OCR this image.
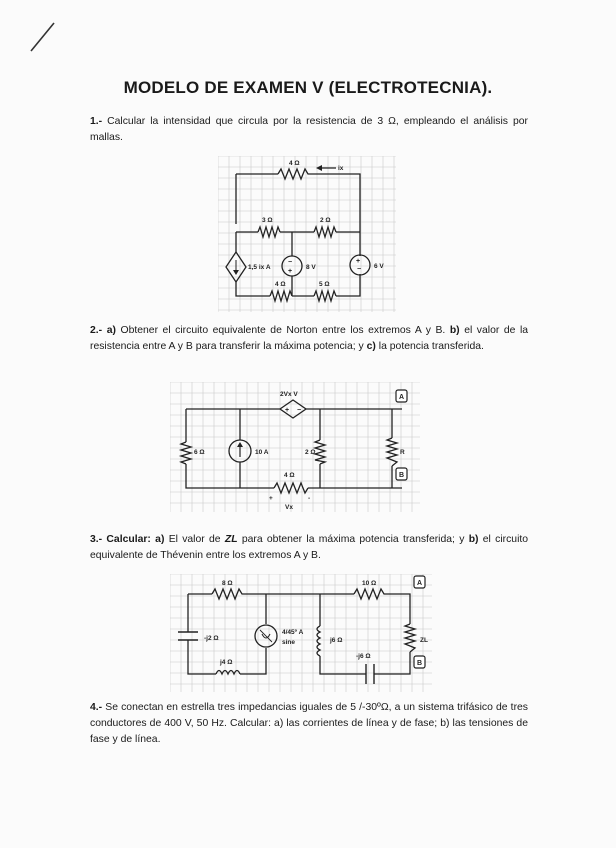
MODELO DE EXAMEN V (ELECTROTECNIA).
1.- Calcular la intensidad que circula por la resistencia de 3 Ω, empleando el análisis por mallas.
−
+
+
−
4 Ω
ix
3 Ω	2 Ω
1,5 ix A	8 V	6 V
4 Ω	5 Ω
2.- a) Obtener el circuito equivalente de Norton entre los extremos A y B. b) el valor de la resistencia entre A y B para transferir la máxima potencia; y c) la potencia transferida.
+ −
A
B
2Vx V
6 Ω	10 A	2 Ω
4 Ω
+	-
Vx
R
3.- Calcular: a) El valor de ZL para obtener la máxima potencia transferida; y b) el circuito equivalente de Thévenin entre los extremos A y B.
A
B
8 Ω	10 Ω
-j2 Ω
4/45º A
sine	j6 Ω
-j6 Ω
j4 Ω
ZL
4.- Se conectan en estrella tres impedancias iguales de 5 /-30ºΩ, a un sistema trifásico de tres conductores de 400 V, 50 Hz. Calcular: a) las corrientes de línea y de fase; b) las tensiones de fase y de línea.
